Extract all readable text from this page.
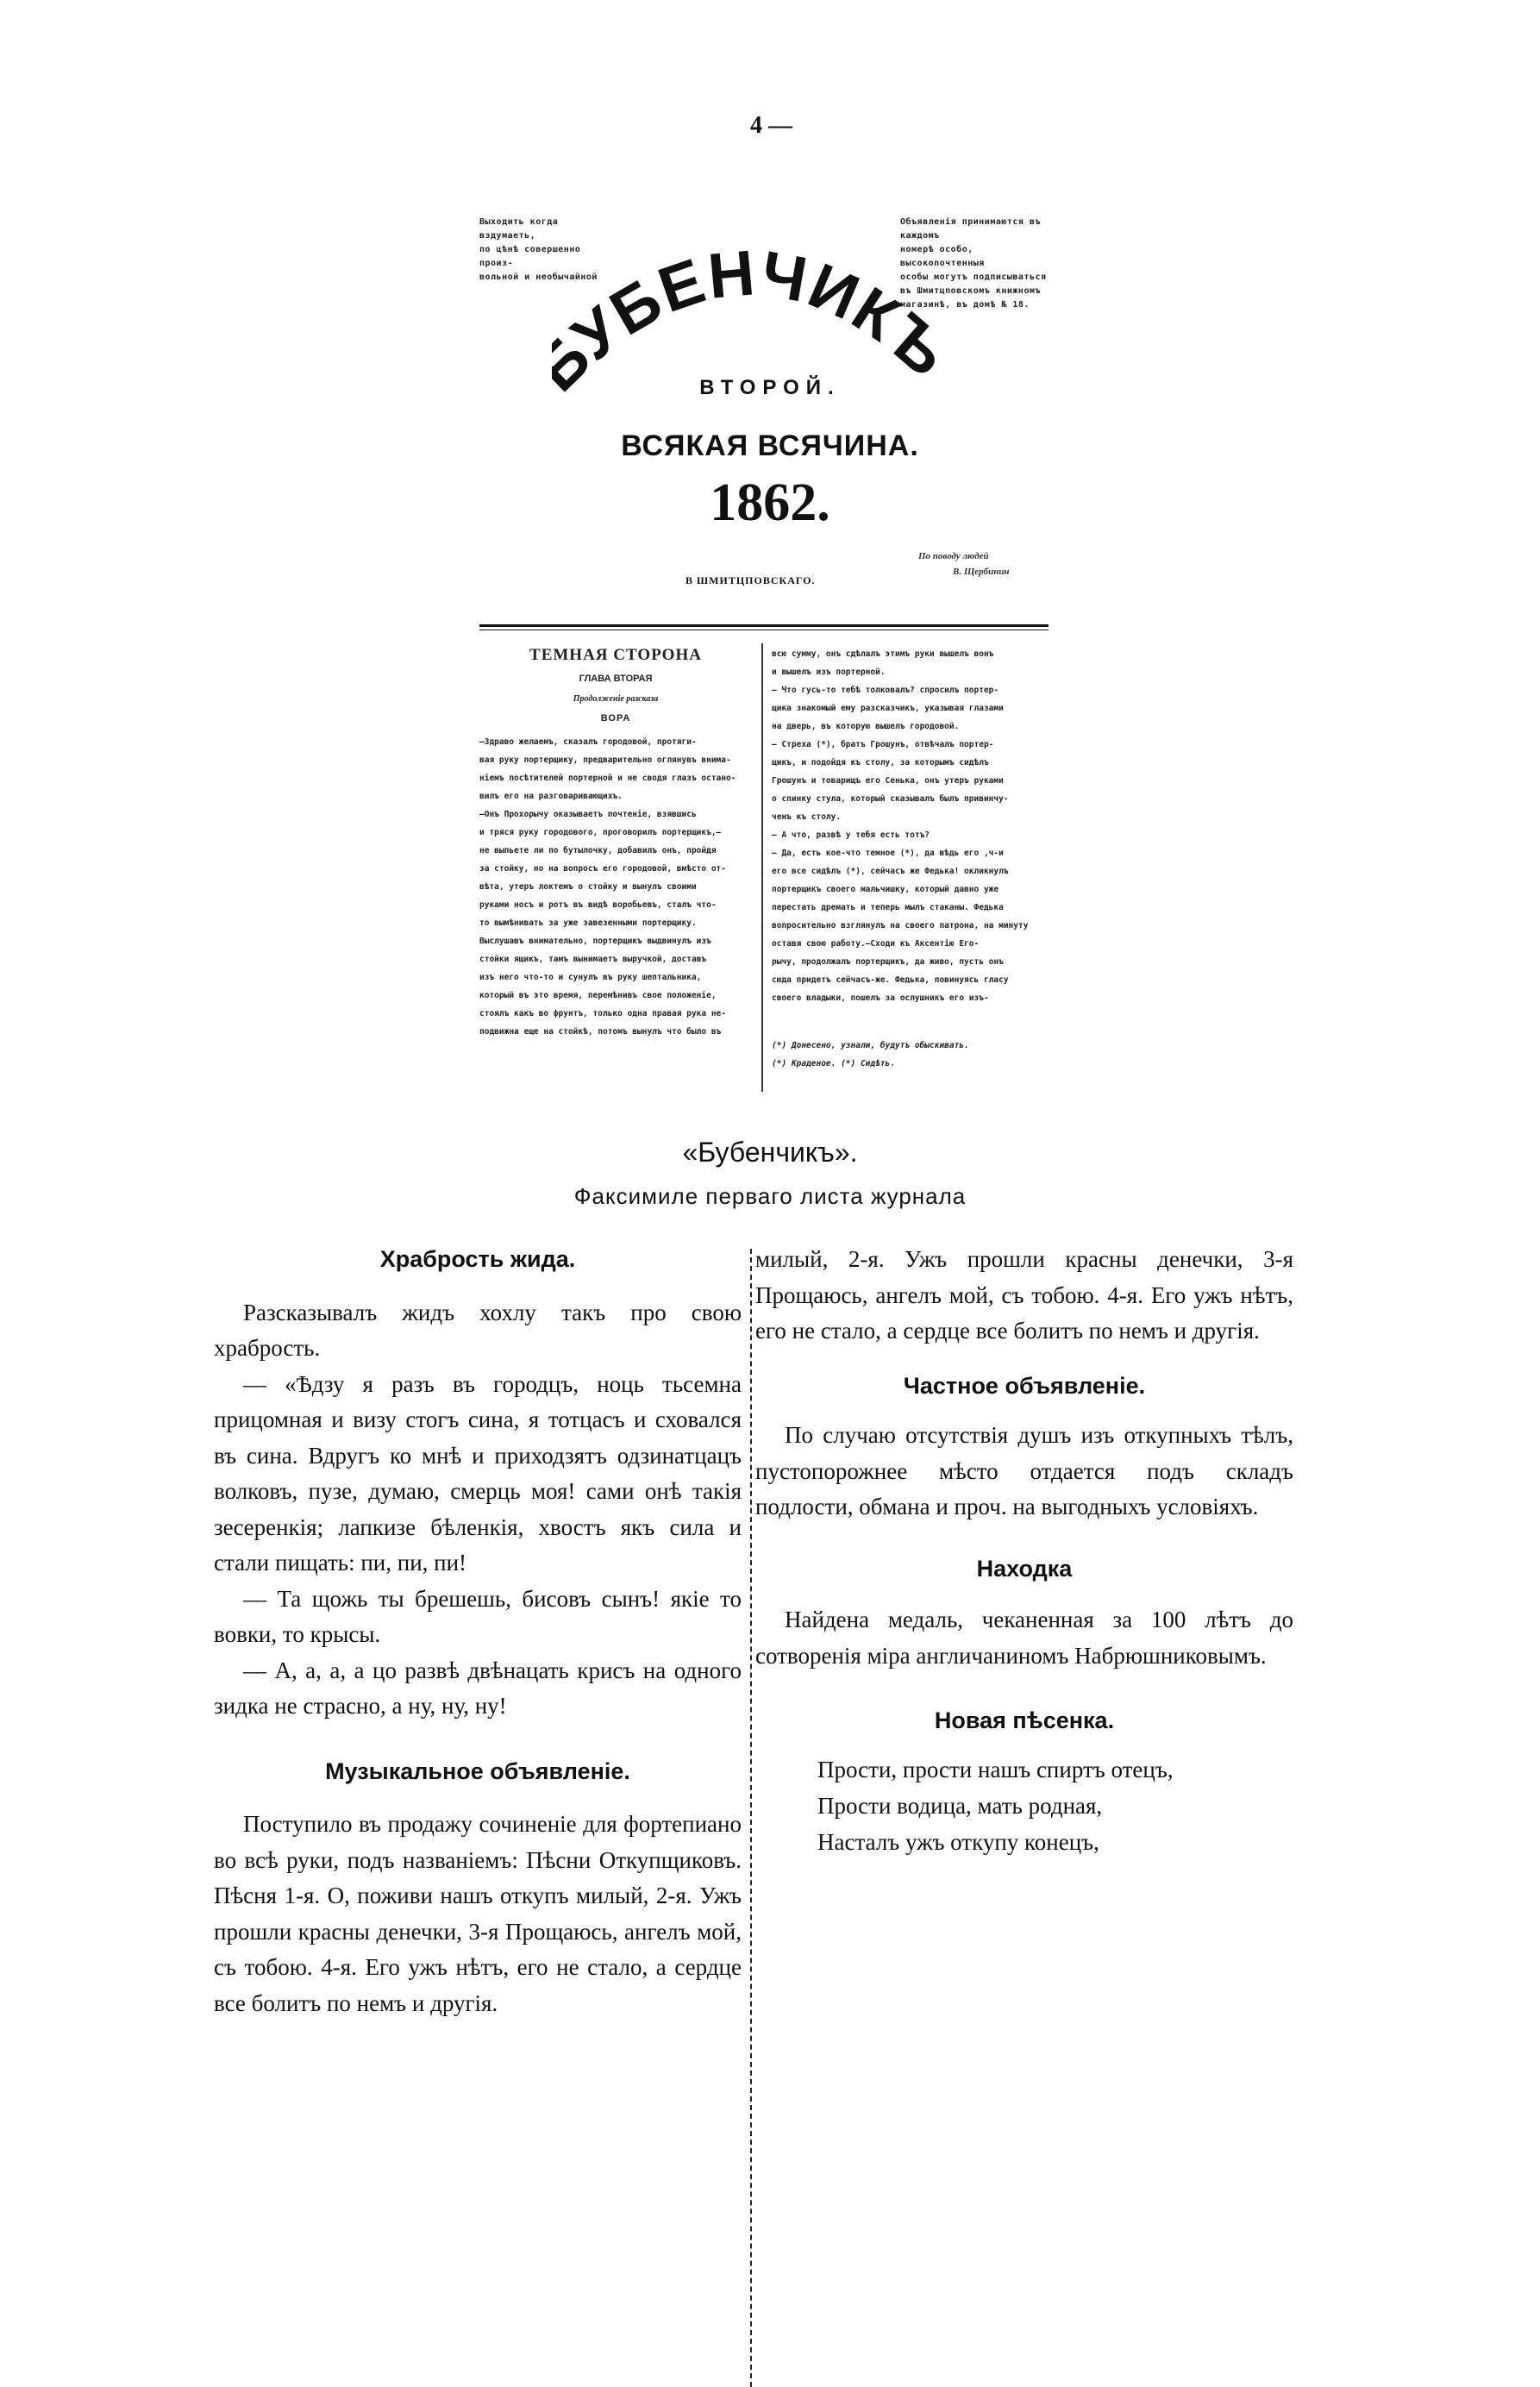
4 —
Выходить когда вздумаеть,
по цѣнѣ совершенно произ-
вольной и необычайной
Объявленія принимаются въ каждомъ
номерѣ особо, высокопочтенныя
особы могутъ подписываться
въ Шмитцповскомъ книжномъ
магазинѣ, въ домѣ № 18.
УБЕНЧИК
ВТОРОЙ.
ВСЯКАЯ ВСЯЧИНА.
1862.
По поводу людей
В. Щербинин
В ШМИТЦПОВСКАГО.
ТЕМНАЯ СТОРОНА
ГЛАВА ВТОРАЯ
Продолженіе разсказа
ВОРА
—Здраво желаемъ, сказалъ городовой, протяги-
вая руку портерщику, предварительно оглянувъ внима-
ніемъ посѣтителей портерной и не сводя глазъ остано-
вилъ его на разговаривающихъ.
—Онъ Прохорычу оказываетъ почтеніе, взявшись
и тряся руку городового, проговорилъ портерщикъ,—
не выпьете ли по бутылочку, добавилъ онъ, пройдя
за стойку, но на вопросъ его городовой, вмѣсто от-
вѣта, утеръ локтемъ о стойку и вынулъ своими
руками носъ и ротъ въ видѣ воробьевъ, сталъ что-
то вымѣнивать за уже завезенными портерщику.
Выслушавъ внимательно, портерщикъ выдвинулъ изъ
стойки ящикъ, тамъ вынимаетъ выручкой, доставъ
изъ него что-то и сунулъ въ руку шептальника,
который въ это время, перемѣнивъ свое положеніе,
стоялъ какъ во фрунтъ, только одна правая рука не-
подвижна еще на стойкѣ, потомъ вынулъ что было въ
всю сумму, онъ сдѣлалъ этимъ руки вышелъ вонъ
и вышелъ изъ портерной.
— Что гусь-то тебѣ толковалъ? спросилъ портер-
щика знакомый ему разсказчикъ, указывая глазами
на дверь, въ которую вышелъ городовой.
— Стреха (*), братъ Грошунъ, отвѣчалъ портер-
щикъ, и подойдя къ столу, за которымъ сидѣлъ
Грошунъ и товарищъ его Сенька, онъ утеръ руками
о спинку стула, который сказывалъ былъ привинчу-
ченъ къ столу.
— А что, развѣ у тебя есть тотъ?
— Да, есть кое-что темное (*), да вѣдь его ,ч-и
его все сидѣлъ (*), сейчасъ же Федька! окликнулъ
портерщикъ своего мальчишку, который давно уже
перестать дремать и теперь мылъ стаканы. Федька
вопросительно взглянулъ на своего патрона, на минуту
оставя свою работу.—Сходи къ Аксентію Его-
рычу, продолжалъ портерщикъ, да живо, пусть онъ
сюда придетъ сейчасъ-же. Федька, повинуясь гласу
своего владыки, пошелъ за ослушникъ его изъ-
(*) Донесено, узнали, будутъ обыскивать.
(*) Краденое. (*) Сидѣть.
«Бубенчикъ».
Факсимиле перваго листа журнала

Храбрость жида.

Разсказывалъ жидъ хохлу такъ про свою храбрость.

— «Ѣдзу я разъ въ городцъ, ноць тьсемна прицомная и визу стогъ сина, я тотцасъ и сховался въ сина. Вдругъ ко мнѣ и приходзятъ одзинатцацъ волковъ, пузе, думаю, смерць моя! сами онѣ такія зеcеренкія; лапкизе бѣленкія, хвостъ якъ сила и стали пищать: пи, пи, пи!

— Та щожь ты брешешь, бисовъ сынъ! якіе то вовки, то крысы.

— А, а, а, а цо развѣ двѣнацать крисъ на одного зидка не страсно, а ну, ну, ну!

Музыкальное объявленіе.

Поступило въ продажу сочиненіе для фортепиано во всѣ руки, подъ названіемъ: Пѣсни Откупщиковъ. Пѣсня 1-я. О, поживи нашъ откупъ милый, 2-я. Ужъ прошли красны денечки, 3-я Прощаюсь, ангелъ мой, съ тобою. 4-я. Его ужъ нѣтъ, его не стало, а сердце все болитъ по немъ и другія.

милый, 2-я. Ужъ прошли красны денечки, 3-я Прощаюсь, ангелъ мой, съ тобою. 4-я. Его ужъ нѣтъ, его не стало, а сердце все болитъ по немъ и другія.

Частное объявленіе.

По случаю отсутствія душъ изъ откупныхъ тѣлъ, пустопорожнее мѣсто отдается подъ складъ подлости, обмана и проч. на выгодныхъ условіяхъ.

Находка

Найдена медаль, чеканенная за 100 лѣтъ до сотворенія міра англичаниномъ Набрюшниковымъ.

Новая пѣсенка.

Прости, прости нашъ спиртъ отецъ,
Прости водица, мать родная,
Насталъ ужъ откупу конецъ,
